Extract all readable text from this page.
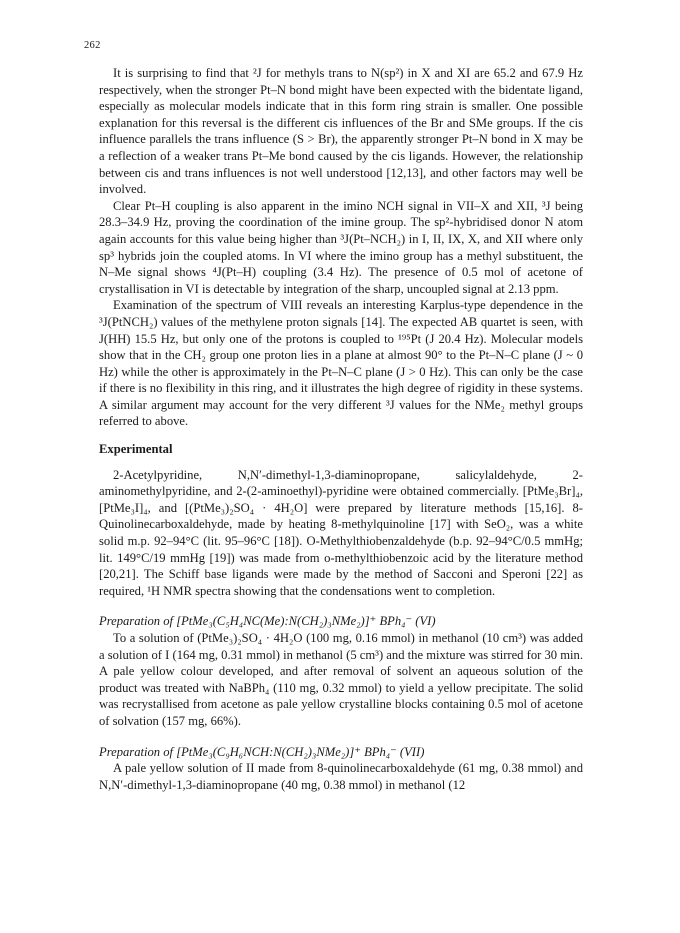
262

It is surprising to find that ²J for methyls trans to N(sp²) in X and XI are 65.2 and 67.9 Hz respectively, when the stronger Pt–N bond might have been expected with the bidentate ligand, especially as molecular models indicate that in this form ring strain is smaller. One possible explanation for this reversal is the different cis influences of the Br and SMe groups. If the cis influence parallels the trans influence (S > Br), the apparently stronger Pt–N bond in X may be a reflection of a weaker trans Pt–Me bond caused by the cis ligands. However, the relationship between cis and trans influences is not well understood [12,13], and other factors may well be involved.

Clear Pt–H coupling is also apparent in the imino NCH signal in VII–X and XII, ³J being 28.3–34.9 Hz, proving the coordination of the imine group. The sp²-hybridised donor N atom again accounts for this value being higher than ³J(Pt–NCH₂) in I, II, IX, X, and XII where only sp³ hybrids join the coupled atoms. In VI where the imino group has a methyl substituent, the N–Me signal shows ⁴J(Pt–H) coupling (3.4 Hz). The presence of 0.5 mol of acetone of crystallisation in VI is detectable by integration of the sharp, uncoupled signal at 2.13 ppm.

Examination of the spectrum of VIII reveals an interesting Karplus-type dependence in the ³J(PtNCH₂) values of the methylene proton signals [14]. The expected AB quartet is seen, with J(HH) 15.5 Hz, but only one of the protons is coupled to ¹⁹⁵Pt (J 20.4 Hz). Molecular models show that in the CH₂ group one proton lies in a plane at almost 90° to the Pt–N–C plane (J ~ 0 Hz) while the other is approximately in the Pt–N–C plane (J > 0 Hz). This can only be the case if there is no flexibility in this ring, and it illustrates the high degree of rigidity in these systems. A similar argument may account for the very different ³J values for the NMe₂ methyl groups referred to above.

Experimental

2-Acetylpyridine, N,N′-dimethyl-1,3-diaminopropane, salicylaldehyde, 2-aminomethylpyridine, and 2-(2-aminoethyl)-pyridine were obtained commercially. [PtMe₃Br]₄, [PtMe₃I]₄, and [(PtMe₃)₂SO₄ · 4H₂O] were prepared by literature methods [15,16]. 8-Quinolinecarboxaldehyde, made by heating 8-methylquinoline [17] with SeO₂, was a white solid m.p. 92–94°C (lit. 95–96°C [18]). O-Methylthiobenzaldehyde (b.p. 92–94°C/0.5 mmHg; lit. 149°C/19 mmHg [19]) was made from o-methylthiobenzoic acid by the literature method [20,21]. The Schiff base ligands were made by the method of Sacconi and Speroni [22] as required, ¹H NMR spectra showing that the condensations went to completion.

Preparation of [PtMe₃(C₅H₄NC(Me):N(CH₂)₃NMe₂)]⁺ BPh₄⁻ (VI)

To a solution of (PtMe₃)₂SO₄ · 4H₂O (100 mg, 0.16 mmol) in methanol (10 cm³) was added a solution of I (164 mg, 0.31 mmol) in methanol (5 cm³) and the mixture was stirred for 30 min. A pale yellow colour developed, and after removal of solvent an aqueous solution of the product was treated with NaBPh₄ (110 mg, 0.32 mmol) to yield a yellow precipitate. The solid was recrystallised from acetone as pale yellow crystalline blocks containing 0.5 mol of acetone of solvation (157 mg, 66%).

Preparation of [PtMe₃(C₉H₆NCH:N(CH₂)₃NMe₂)]⁺ BPh₄⁻ (VII)

A pale yellow solution of II made from 8-quinolinecarboxaldehyde (61 mg, 0.38 mmol) and N,N′-dimethyl-1,3-diaminopropane (40 mg, 0.38 mmol) in methanol (12
